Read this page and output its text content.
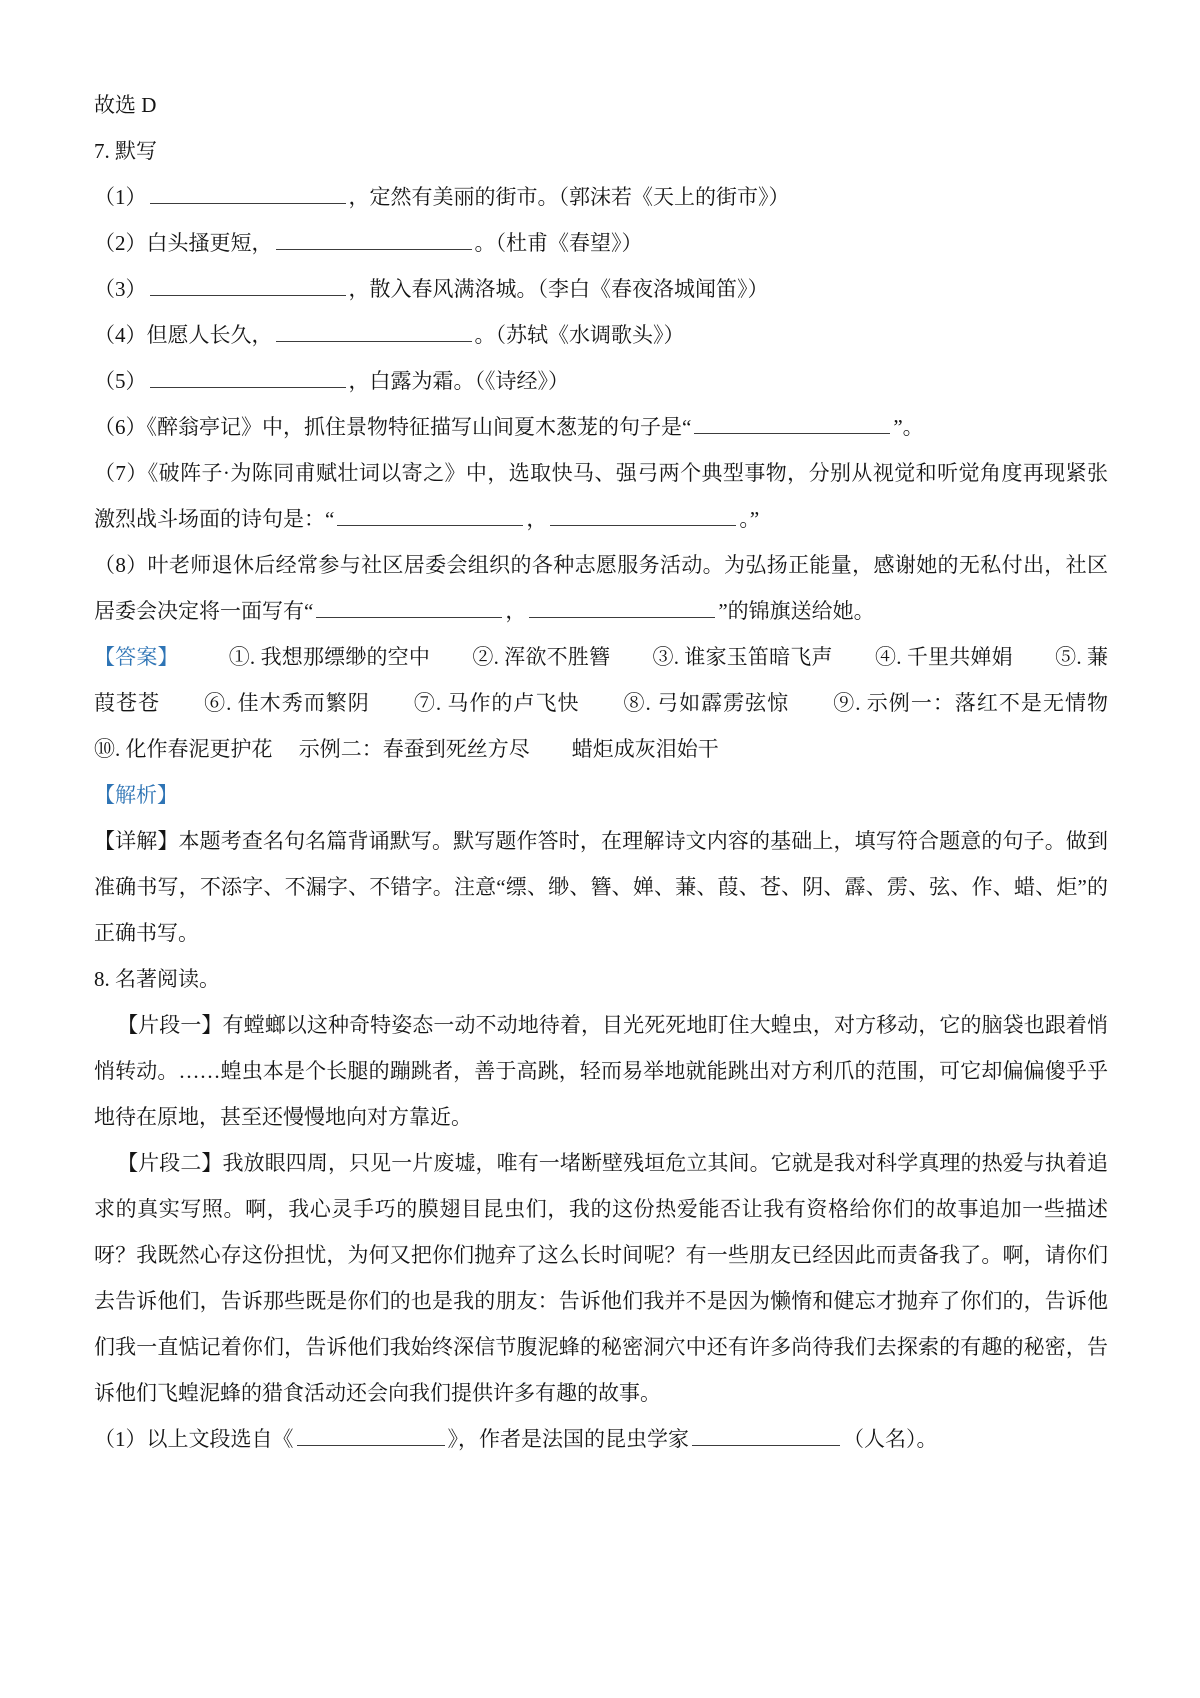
故选 D

7. 默写

（1）	，定然有美丽的街市。（郭沫若《天上的街市》）

（2）白头搔更短，	。（杜甫《春望》）

（3）	，散入春风满洛城。（李白《春夜洛城闻笛》）

（4）但愿人长久，	。（苏轼《水调歌头》）

（5）	，白露为霜。（《诗经》）

（6）《醉翁亭记》中，抓住景物特征描写山间夏木葱茏的句子是“	”。

（7）《破阵子·为陈同甫赋壮词以寄之》中，选取快马、强弓两个典型事物，分别从视觉和听觉角度再现紧张激烈战斗场面的诗句是：“	，	。”

（8）叶老师退休后经常参与社区居委会组织的各种志愿服务活动。为弘扬正能量，感谢她的无私付出，社区居委会决定将一面写有“	，	”的锦旗送给她。

【答案】 ①. 我想那缥缈的空中　　②. 浑欲不胜簪　　③. 谁家玉笛暗飞声　　④. 千里共婵娟　　⑤. 蒹葭苍苍　　⑥. 佳木秀而繁阴　　⑦. 马作的卢飞快　　⑧. 弓如霹雳弦惊　　⑨. 示例一：落红不是无情物　　⑩. 化作春泥更护花　 示例二：春蚕到死丝方尽　　蜡炬成灰泪始干

【解析】

【详解】本题考查名句名篇背诵默写。默写题作答时，在理解诗文内容的基础上，填写符合题意的句子。做到准确书写，不添字、不漏字、不错字。注意“缥、缈、簪、婵、蒹、葭、苍、阴、霹、雳、弦、作、蜡、炬”的正确书写。

8. 名著阅读。

【片段一】有螳螂以这种奇特姿态一动不动地待着，目光死死地盯住大蝗虫，对方移动，它的脑袋也跟着悄悄转动。……蝗虫本是个长腿的蹦跳者，善于高跳，轻而易举地就能跳出对方利爪的范围，可它却偏偏傻乎乎地待在原地，甚至还慢慢地向对方靠近。

【片段二】我放眼四周，只见一片废墟，唯有一堵断壁残垣危立其间。它就是我对科学真理的热爱与执着追求的真实写照。啊，我心灵手巧的膜翅目昆虫们，我的这份热爱能否让我有资格给你们的故事追加一些描述呀？我既然心存这份担忧，为何又把你们抛弃了这么长时间呢？有一些朋友已经因此而责备我了。啊，请你们去告诉他们，告诉那些既是你们的也是我的朋友：告诉他们我并不是因为懒惰和健忘才抛弃了你们的，告诉他们我一直惦记着你们，告诉他们我始终深信节腹泥蜂的秘密洞穴中还有许多尚待我们去探索的有趣的秘密，告诉他们飞蝗泥蜂的猎食活动还会向我们提供许多有趣的故事。

（1）以上文段选自《	》，作者是法国的昆虫学家	（人名）。
